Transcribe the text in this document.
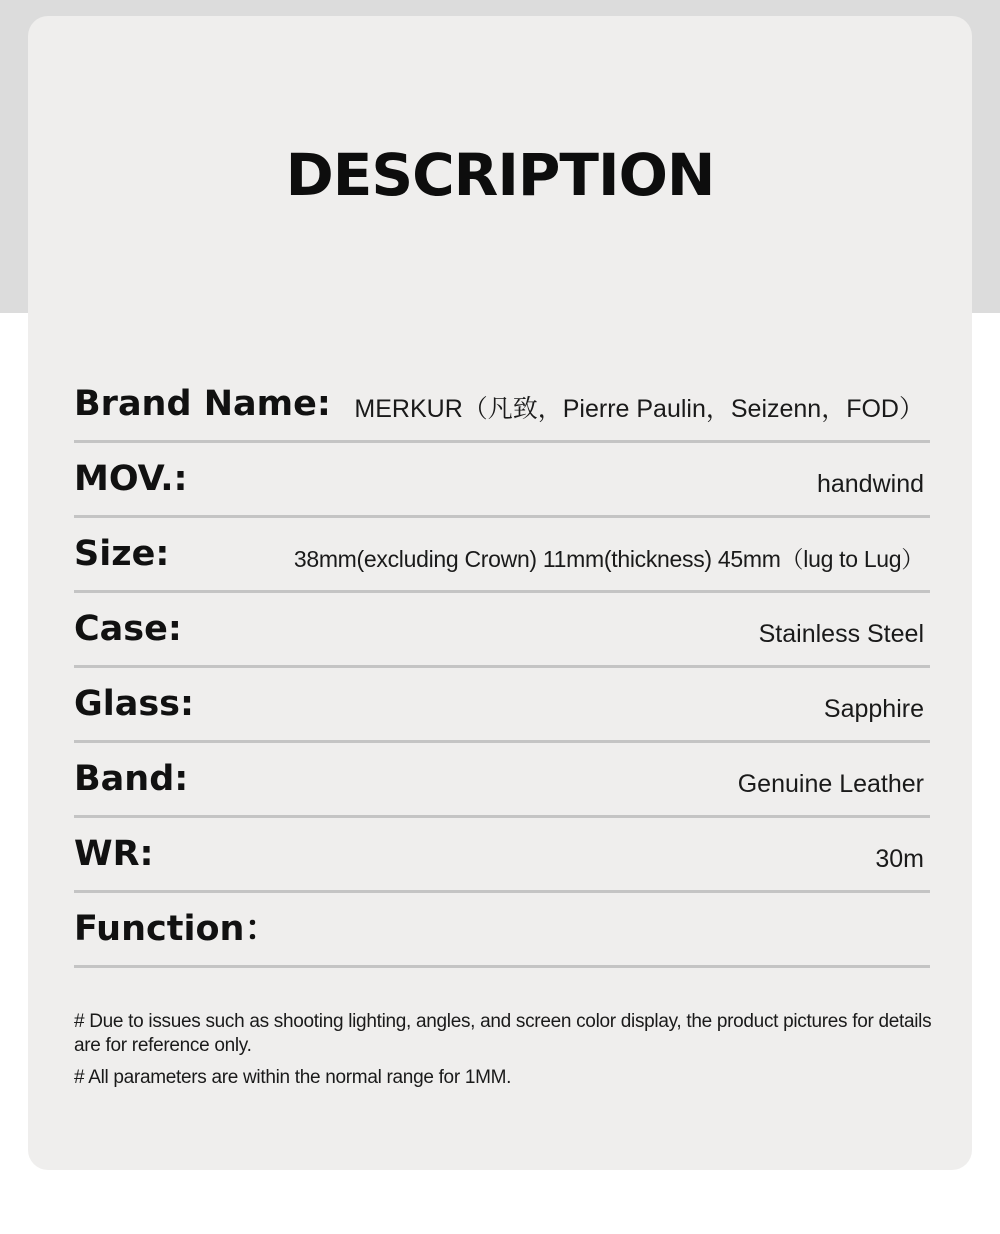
DESCRIPTION
Brand Name: MERKUR（凡致，Pierre Paulin，Seizenn，FOD）
MOV.:	handwind
Size:	38mm(excluding Crown) 11mm(thickness) 45mm（lug to Lug）
Case:	Stainless Steel
Glass:	Sapphire
Band:	Genuine Leather
WR:	30m
Function：

# Due to issues such as shooting lighting, angles, and screen color display, the product pictures for details are for reference only.

# All parameters are within the normal range for 1MM.
